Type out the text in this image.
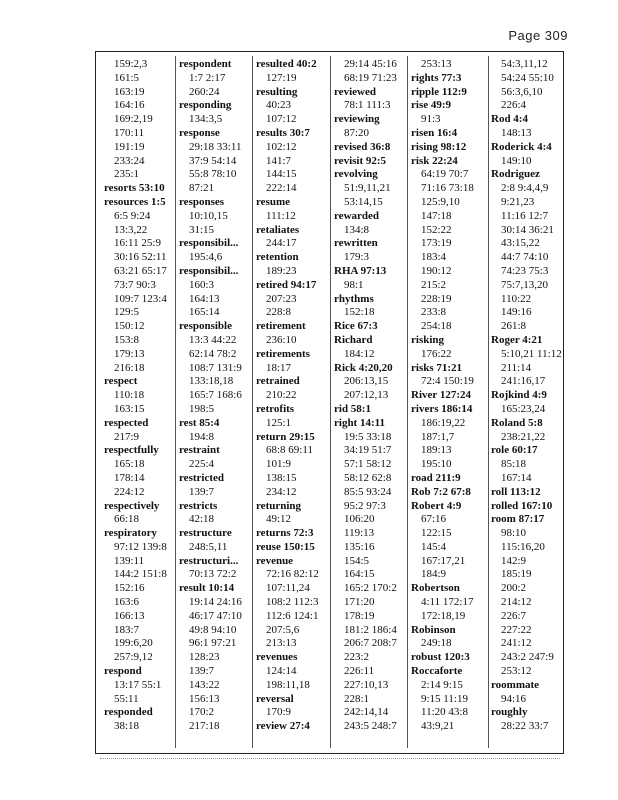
Page 309
159:2,3
161:5
163:19
164:16
169:2,19
170:11
191:19
233:24
235:1
resorts 53:10
resources 1:5
6:5 9:24
13:3,22
16:11 25:9
30:16 52:11
63:21 65:17
73:7 90:3
109:7 123:4
129:5
150:12
153:8
179:13
216:18
respect
110:18
163:15
respected
217:9
respectfully
165:18
178:14
224:12
respectively
66:18
respiratory
97:12 139:8
139:11
144:2 151:8
152:16
163:6
166:13
183:7
199:6,20
257:9,12
respond
13:17 55:1
55:11
responded
38:18
respondent
1:7 2:17
260:24
responding
134:3,5
response
29:18 33:11
37:9 54:14
55:8 78:10
87:21
responses
10:10,15
31:15
responsibil...
195:4,6
responsibil...
160:3
164:13
165:14
responsible
13:3 44:22
62:14 78:2
108:7 131:9
133:18,18
165:7 168:6
198:5
rest 85:4
194:8
restraint
225:4
restricted
139:7
restricts
42:18
restructure
248:5,11
restructuri...
70:13 72:2
result 10:14
19:14 24:16
46:17 47:10
49:8 94:10
96:1 97:21
128:23
139:7
143:22
156:13
170:2
217:18
resulted 40:2
127:19
resulting
40:23
107:12
results 30:7
102:12
141:7
144:15
222:14
resume
111:12
retaliates
244:17
retention
189:23
retired 94:17
207:23
228:8
retirement
236:10
retirements
18:17
retrained
210:22
retrofits
125:1
return 29:15
68:8 69:11
101:9
138:15
234:12
returning
49:12
returns 72:3
reuse 150:15
revenue
72:16 82:12
107:11,24
108:2 112:3
112:6 124:1
207:5,6
213:13
revenues
124:14
198:11,18
reversal
170:9
review 27:4
29:14 45:16
68:19 71:23
reviewed
78:1 111:3
reviewing
87:20
revised 36:8
revisit 92:5
revolving
51:9,11,21
53:14,15
rewarded
134:8
rewritten
179:3
RHA 97:13
98:1
rhythms
152:18
Rice 67:3
Richard
184:12
Rick 4:20,20
206:13,15
207:12,13
rid 58:1
right 14:11
19:5 33:18
34:19 51:7
57:1 58:12
58:12 62:8
85:5 93:24
95:2 97:3
106:20
119:13
135:16
154:5
164:15
165:2 170:2
171:20
178:19
181:2 186:4
206:7 208:7
223:2
226:11
227:10,13
228:1
242:14,14
243:5 248:7
253:13
rights 77:3
ripple 112:9
rise 49:9
91:3
risen 16:4
rising 98:12
risk 22:24
64:19 70:7
71:16 73:18
125:9,10
147:18
152:22
173:19
183:4
190:12
215:2
228:19
233:8
254:18
risking
176:22
risks 71:21
72:4 150:19
River 127:24
rivers 186:14
186:19,22
187:1,7
189:13
195:10
road 211:9
Rob 7:2 67:8
Robert 4:9
67:16
122:15
145:4
167:17,21
184:9
Robertson
4:11 172:17
172:18,19
Robinson
249:18
robust 120:3
Roccaforte
2:14 9:15
9:15 11:19
11:20 43:8
43:9,21
54:3,11,12
54:24 55:10
56:3,6,10
226:4
Rod 4:4
148:13
Roderick 4:4
149:10
Rodriguez
2:8 9:4,4,9
9:21,23
11:16 12:7
30:14 36:21
43:15,22
44:7 74:10
74:23 75:3
75:7,13,20
110:22
149:16
261:8
Roger 4:21
5:10,21 11:12
211:14
241:16,17
Rojkind 4:9
165:23,24
Roland 5:8
238:21,22
role 60:17
85:18
167:14
roll 113:12
rolled 167:10
room 87:17
98:10
115:16,20
142:9
185:19
200:2
214:12
226:7
227:22
241:12
243:2 247:9
253:12
roommate
94:16
roughly
28:22 33:7
